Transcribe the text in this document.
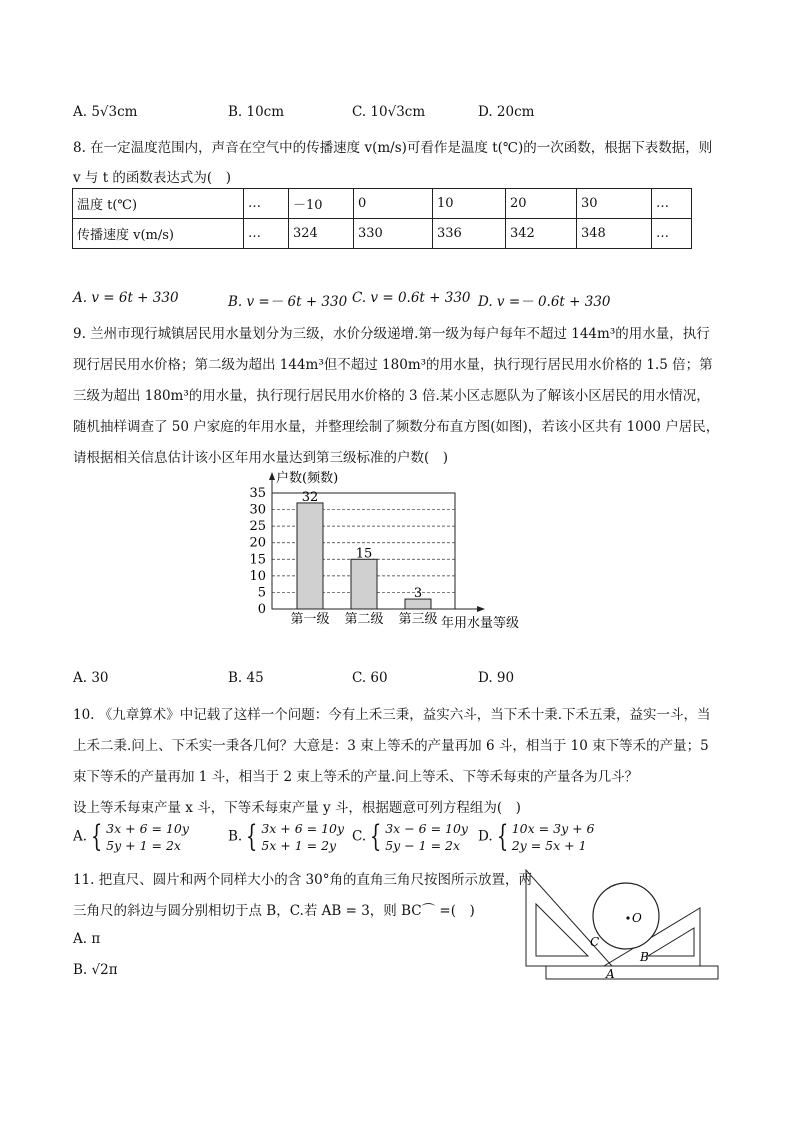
A. 5√3cm	B. 10cm	C. 10√3cm	D. 20cm
8. 在一定温度范围内，声音在空气中的传播速度 v(m/s)可看作是温度 t(℃)的一次函数，根据下表数据，则
v 与 t 的函数表达式为(　)
温度 t(℃)	…	－10	0	10	20	30	…
传播速度 v(m/s)	…	324	330	336	342	348	…
A. v = 6t + 330	B. v =－ 6t + 330 C. v = 0.6t + 330 D. v =－ 0.6t + 330
9. 兰州市现行城镇居民用水量划分为三级，水价分级递增.第一级为每户每年不超过 144m³的用水量，执行
现行居民用水价格；第二级为超出 144m³但不超过 180m³的用水量，执行现行居民用水价格的 1.5 倍；第
三级为超出 180m³的用水量，执行现行居民用水价格的 3 倍.某小区志愿队为了解该小区居民的用水情况，
随机抽样调查了 50 户家庭的年用水量，并整理绘制了频数分布直方图(如图)，若该小区共有 1000 户居民，
请根据相关信息估计该小区年用水量达到第三级标准的户数(　)
0
5
10
15
20
25
30
35
户数(频数)
32
第一级
15
第二级
3
第三级 年用水量等级
A. 30	B. 45	C. 60	D. 90
10. 《九章算术》中记载了这样一个问题：今有上禾三秉，益实六斗，当下禾十秉.下禾五秉，益实一斗，当
上禾二秉.问上、下禾实一秉各几何？大意是：3 束上等禾的产量再加 6 斗，相当于 10 束下等禾的产量；5
束下等禾的产量再加 1 斗，相当于 2 束上等禾的产量.问上等禾、下等禾每束的产量各为几斗？
设上等禾每束产量 x 斗，下等禾每束产量 y 斗，根据题意可列方程组为(　)
A. { 3x + 6 = 10y
5y + 1 = 2x
B. { 3x + 6 = 10y
5x + 1 = 2y
C. { 3x − 6 = 10y
5y − 1 = 2x
D. { 10x = 3y + 6
2y = 5x + 1
11. 把直尺、圆片和两个同样大小的含 30°角的直角三角尺按图所示放置，两
三角尺的斜边与圆分别相切于点 B，C.若 AB = 3，则 BC⌒ =(　)
A. π
B. √2π
O
C
B
A
